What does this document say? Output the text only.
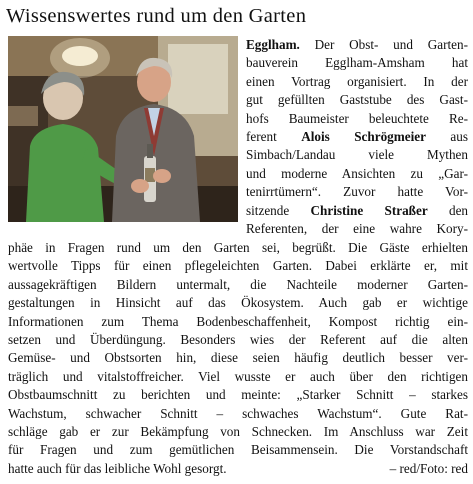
Wissenswertes rund um den Garten
Egglham. Der Obst- und Garten-
bauverein Egglham-Amsham hat
einen Vortrag organisiert. In der
gut gefüllten Gaststube des Gast-
hofs Baumeister beleuchtete Re-
ferent Alois Schrögmeier aus
Simbach/Landau viele Mythen
und moderne Ansichten zu „Gar-
tenirrtümern“. Zuvor hatte Vor-
sitzende Christine Straßer den
Referenten, der eine wahre Kory-
phäe in Fragen rund um den Garten sei, begrüßt. Die Gäste erhielten
wertvolle Tipps für einen pflegeleichten Garten. Dabei erklärte er, mit
aussagekräftigen Bildern untermalt, die Nachteile moderner Garten-
gestaltungen in Hinsicht auf das Ökosystem. Auch gab er wichtige
Informationen zum Thema Bodenbeschaffenheit, Kompost richtig ein-
setzen und Überdüngung. Besonders wies der Referent auf die alten
Gemüse- und Obstsorten hin, diese seien häufig deutlich besser ver-
träglich und vitalstoffreicher. Viel wusste er auch über den richtigen
Obstbaumschnitt zu berichten und meinte: „Starker Schnitt – starkes
Wachstum, schwacher Schnitt – schwaches Wachstum“. Gute Rat-
schläge gab er zur Bekämpfung von Schnecken. Im Anschluss war Zeit
für Fragen und zum gemütlichen Beisammensein. Die Vorstandschaft
hatte auch für das leibliche Wohl gesorgt.	– red/Foto: red
